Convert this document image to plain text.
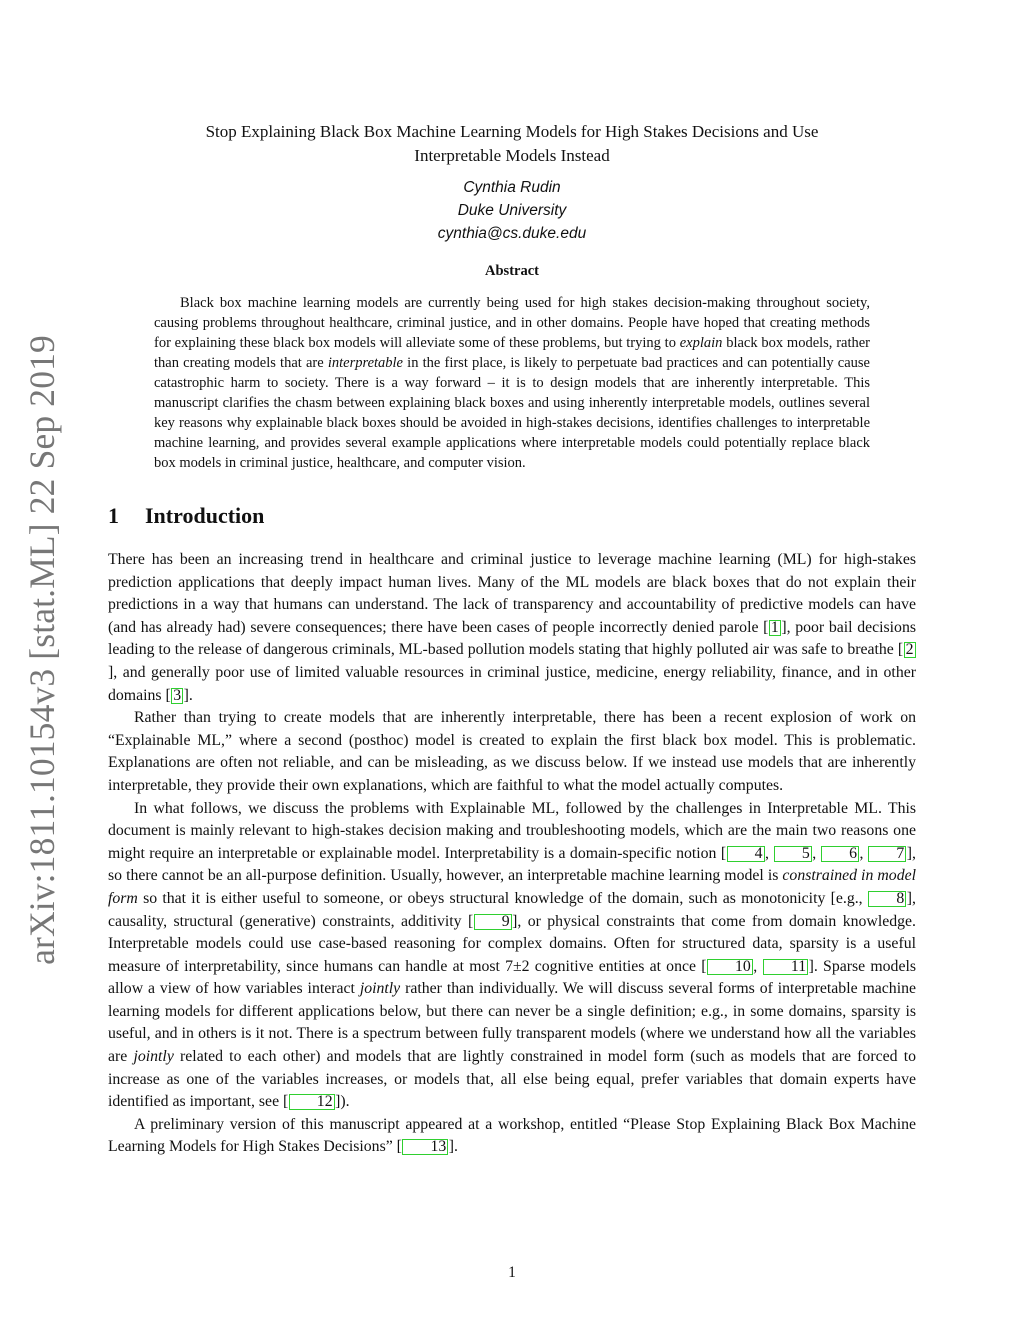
arXiv:1811.10154v3 [stat.ML] 22 Sep 2019
Stop Explaining Black Box Machine Learning Models for High Stakes Decisions and Use
Interpretable Models Instead
Cynthia Rudin
Duke University
cynthia@cs.duke.edu
Abstract

Black box machine learning models are currently being used for high stakes decision-making throughout society, causing problems throughout healthcare, criminal justice, and in other domains. People have hoped that creating methods for explaining these black box models will alleviate some of these problems, but trying to explain black box models, rather than creating models that are interpretable in the first place, is likely to perpetuate bad practices and can potentially cause catastrophic harm to society. There is a way forward – it is to design models that are inherently interpretable. This manuscript clarifies the chasm between explaining black boxes and using inherently interpretable models, outlines several key reasons why explainable black boxes should be avoided in high-stakes decisions, identifies challenges to interpretable machine learning, and provides several example applications where interpretable models could potentially replace black box models in criminal justice, healthcare, and computer vision.

1 Introduction

There has been an increasing trend in healthcare and criminal justice to leverage machine learning (ML) for high-stakes prediction applications that deeply impact human lives. Many of the ML models are black boxes that do not explain their predictions in a way that humans can understand. The lack of transparency and accountability of predictive models can have (and has already had) severe consequences; there have been cases of people incorrectly denied parole [ 1 ], poor bail decisions leading to the release of dangerous criminals, ML-based pollution models stating that highly polluted air was safe to breathe [ 2], and generally poor use of limited valuable resources in criminal justice, medicine, energy reliability, finance, and in other domains [ 3 ].

Rather than trying to create models that are inherently interpretable, there has been a recent explosion of work on “Explainable ML,” where a second (posthoc) model is created to explain the first black box model. This is problematic. Explanations are often not reliable, and can be misleading, as we discuss below. If we instead use models that are inherently interpretable, they provide their own explanations, which are faithful to what the model actually computes.

In what follows, we discuss the problems with Explainable ML, followed by the challenges in Interpretable ML. This document is mainly relevant to high-stakes decision making and troubleshooting models, which are the main two reasons one might require an interpretable or explainable model. Interpretability is a domain-specific notion [ 4 , 5 , 6 , 7 ], so there cannot be an all-purpose definition. Usually, however, an interpretable machine learning model is constrained in model form so that it is either useful to someone, or obeys structural knowledge of the domain, such as monotonicity [e.g., 8 ], causality, structural (generative) constraints, additivity [ 9 ], or physical constraints that come from domain knowledge. Interpretable models could use case-based reasoning for complex domains. Often for structured data, sparsity is a useful measure of interpretability, since humans can handle at most 7±2 cognitive entities at once [ 10 , 11 ]. Sparse models allow a view of how variables interact jointly rather than individually. We will discuss several forms of interpretable machine learning models for different applications below, but there can never be a single definition; e.g., in some domains, sparsity is useful, and in others is it not. There is a spectrum between fully transparent models (where we understand how all the variables are jointly related to each other) and models that are lightly constrained in model form (such as models that are forced to increase as one of the variables increases, or models that, all else being equal, prefer variables that domain experts have identified as important, see [ 12 ]).

A preliminary version of this manuscript appeared at a workshop, entitled “Please Stop Explaining Black Box Machine Learning Models for High Stakes Decisions” [ 13 ].

1
